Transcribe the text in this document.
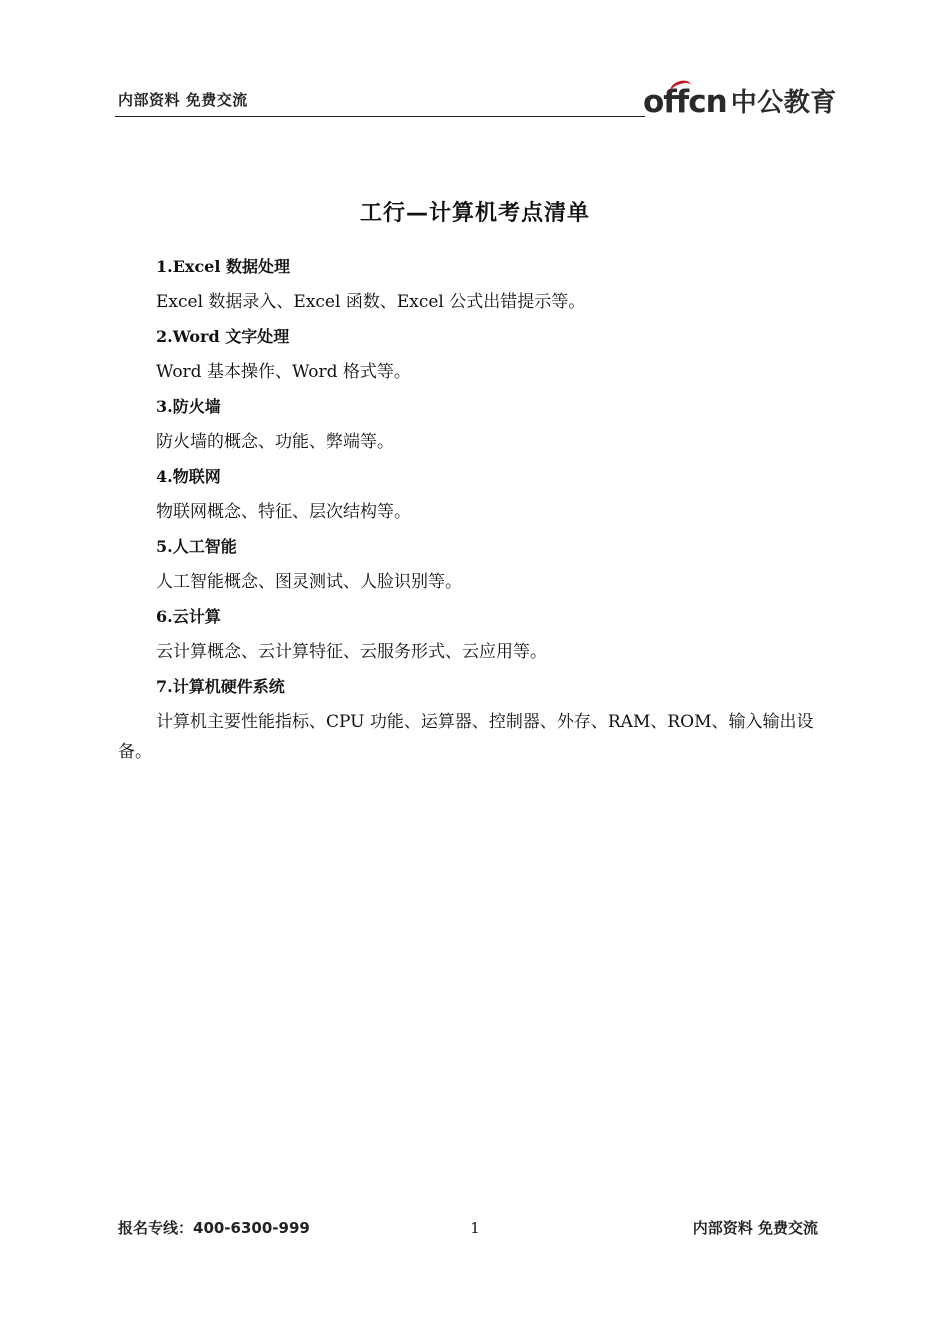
内部资料 免费交流	offcn 中公教育
工行—计算机考点清单
1.Excel 数据处理
Excel 数据录入、Excel 函数、Excel 公式出错提示等。
2.Word 文字处理
Word 基本操作、Word 格式等。
3.防火墙
防火墙的概念、功能、弊端等。
4.物联网
物联网概念、特征、层次结构等。
5.人工智能
人工智能概念、图灵测试、人脸识别等。
6.云计算
云计算概念、云计算特征、云服务形式、云应用等。
7.计算机硬件系统
计算机主要性能指标、CPU 功能、运算器、控制器、外存、RAM、ROM、输入输出设备。
报名专线：400-6300-999	1	内部资料 免费交流
